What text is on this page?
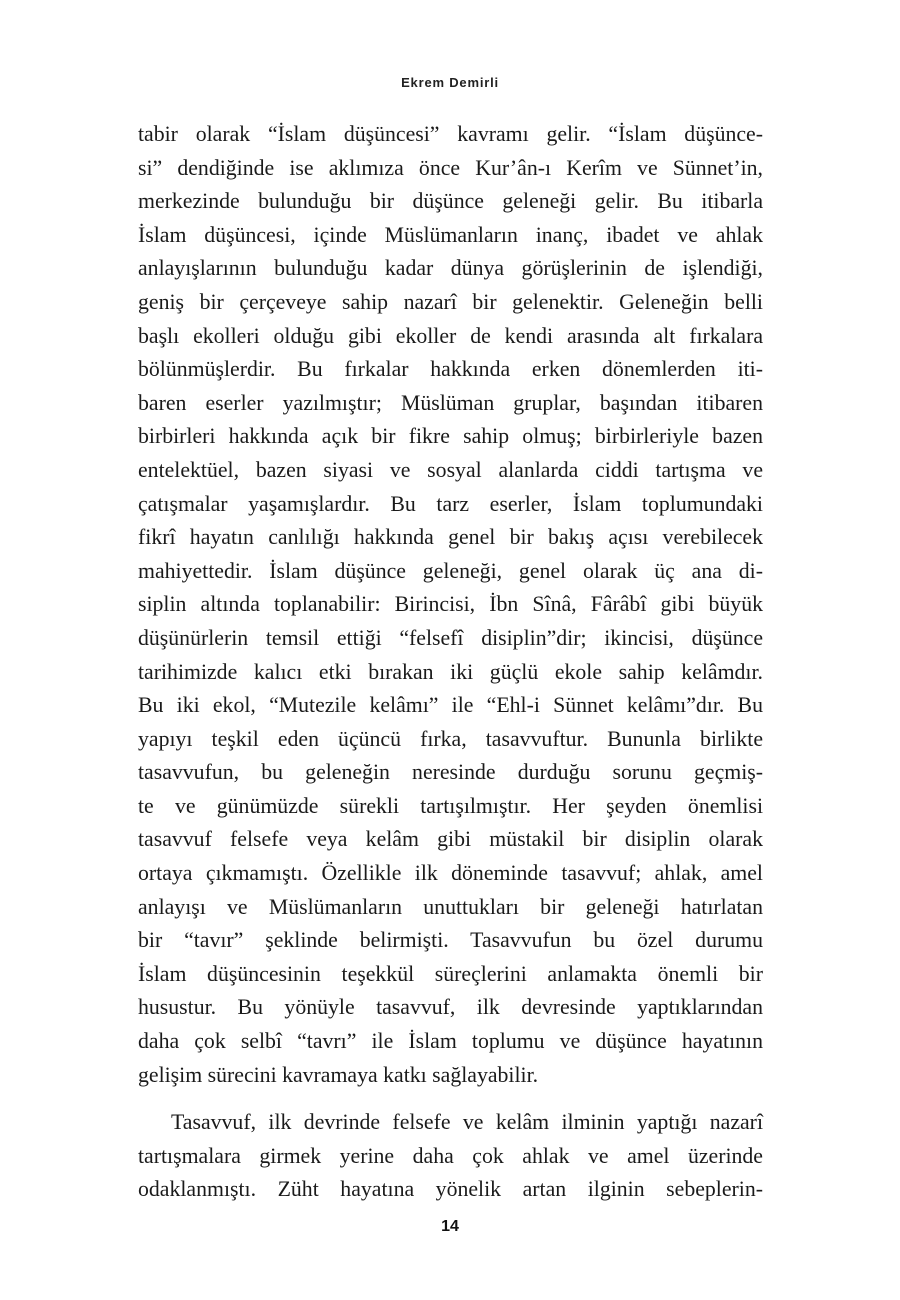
Ekrem Demirli
tabir olarak “İslam düşüncesi” kavramı gelir. “İslam düşünce-
si” dendiğinde ise aklımıza önce Kur’ân-ı Kerîm ve Sünnet’in,
merkezinde bulunduğu bir düşünce geleneği gelir. Bu itibarla
İslam düşüncesi, içinde Müslümanların inanç, ibadet ve ahlak
anlayışlarının bulunduğu kadar dünya görüşlerinin de işlendiği,
geniş bir çerçeveye sahip nazarî bir gelenektir. Geleneğin belli
başlı ekolleri olduğu gibi ekoller de kendi arasında alt fırkalara
bölünmüşlerdir. Bu fırkalar hakkında erken dönemlerden iti-
baren eserler yazılmıştır; Müslüman gruplar, başından itibaren
birbirleri hakkında açık bir fikre sahip olmuş; birbirleriyle bazen
entelektüel, bazen siyasi ve sosyal alanlarda ciddi tartışma ve
çatışmalar yaşamışlardır. Bu tarz eserler, İslam toplumundaki
fikrî hayatın canlılığı hakkında genel bir bakış açısı verebilecek
mahiyettedir. İslam düşünce geleneği, genel olarak üç ana di-
siplin altında toplanabilir: Birincisi, İbn Sînâ, Fârâbî gibi büyük
düşünürlerin temsil ettiği “felsefî disiplin”dir; ikincisi, düşünce
tarihimizde kalıcı etki bırakan iki güçlü ekole sahip kelâmdır.
Bu iki ekol, “Mutezile kelâmı” ile “Ehl-i Sünnet kelâmı”dır. Bu
yapıyı teşkil eden üçüncü fırka, tasavvuftur. Bununla birlikte
tasavvufun, bu geleneğin neresinde durduğu sorunu geçmiş-
te ve günümüzde sürekli tartışılmıştır. Her şeyden önemlisi
tasavvuf felsefe veya kelâm gibi müstakil bir disiplin olarak
ortaya çıkmamıştı. Özellikle ilk döneminde tasavvuf; ahlak, amel
anlayışı ve Müslümanların unuttukları bir geleneği hatırlatan
bir “tavır” şeklinde belirmişti. Tasavvufun bu özel durumu
İslam düşüncesinin teşekkül süreçlerini anlamakta önemli bir
husustur. Bu yönüyle tasavvuf, ilk devresinde yaptıklarından
daha çok selbî “tavrı” ile İslam toplumu ve düşünce hayatının
gelişim sürecini kavramaya katkı sağlayabilir.
Tasavvuf, ilk devrinde felsefe ve kelâm ilminin yaptığı nazarî
tartışmalara girmek yerine daha çok ahlak ve amel üzerinde
odaklanmıştı. Züht hayatına yönelik artan ilginin sebeplerin-
14
